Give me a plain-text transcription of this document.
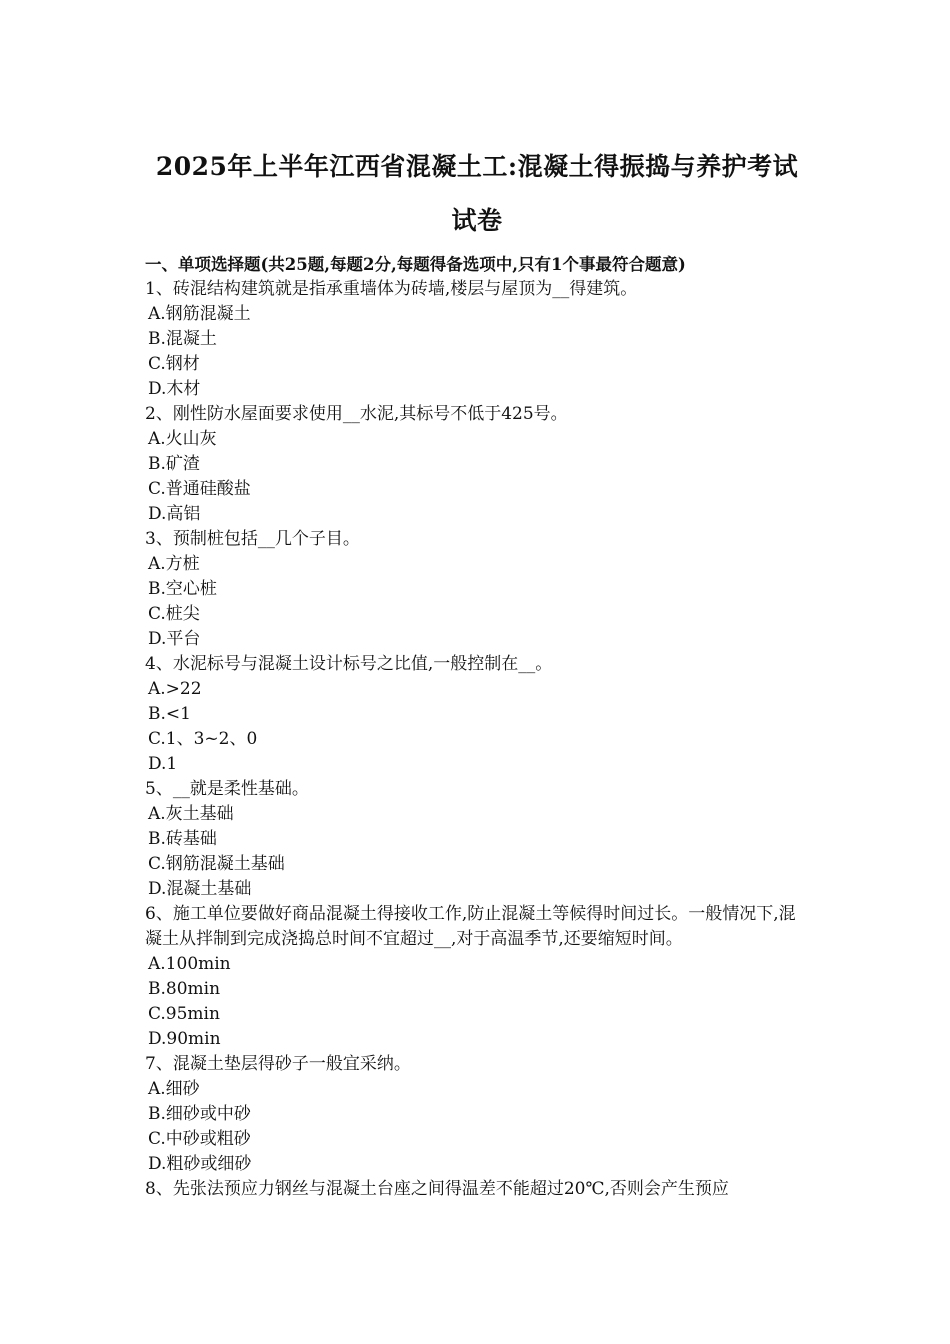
2025年上半年江西省混凝土工:混凝土得振捣与养护考试试卷
一、单项选择题(共25题,每题2分,每题得备选项中,只有1个事最符合题意)

1、砖混结构建筑就是指承重墙体为砖墙,楼层与屋顶为__得建筑。

A.钢筋混凝土
B.混凝土
C.钢材
D.木材

2、刚性防水屋面要求使用__水泥,其标号不低于425号。

A.火山灰
B.矿渣
C.普通硅酸盐
D.高铝

3、预制桩包括__几个子目。

A.方桩
B.空心桩
C.桩尖
D.平台

4、水泥标号与混凝土设计标号之比值,一般控制在__。

A.>22
B.<1
C.1、3~2、0
D.1

5、__就是柔性基础。

A.灰土基础
B.砖基础
C.钢筋混凝土基础
D.混凝土基础

6、施工单位要做好商品混凝土得接收工作,防止混凝土等候得时间过长。一般情况下,混凝土从拌制到完成浇捣总时间不宜超过__,对于高温季节,还要缩短时间。

A.100min
B.80min
C.95min
D.90min

7、混凝土垫层得砂子一般宜采纳。

A.细砂
B.细砂或中砂
C.中砂或粗砂
D.粗砂或细砂

8、先张法预应力钢丝与混凝土台座之间得温差不能超过20℃,否则会产生预应
